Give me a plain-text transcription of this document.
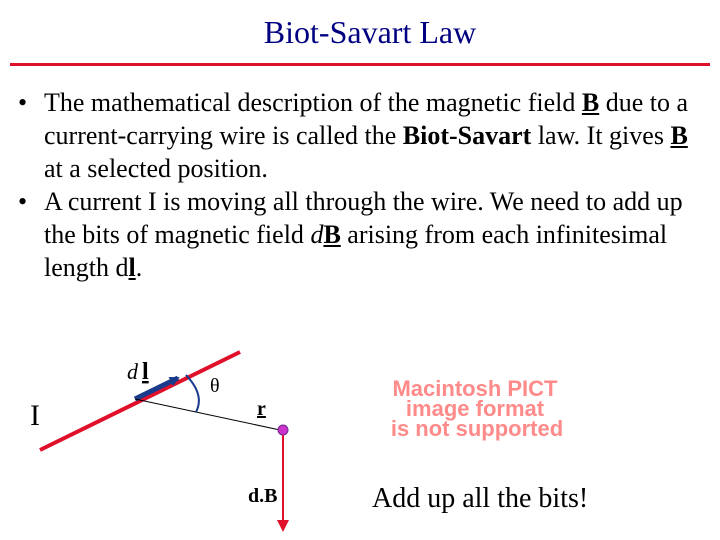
Biot-Savart Law
• The mathematical description of the magnetic field B due to a current-carrying wire is called the Biot-Savart law. It gives B at a selected position.
• A current I is moving all through the wire. We need to add up the bits of magnetic field dB arising from each infinitesimal length dl.
d l
I
θ
r
d.B
Macintosh PICT
image format
is not supported
Add up all the bits!
